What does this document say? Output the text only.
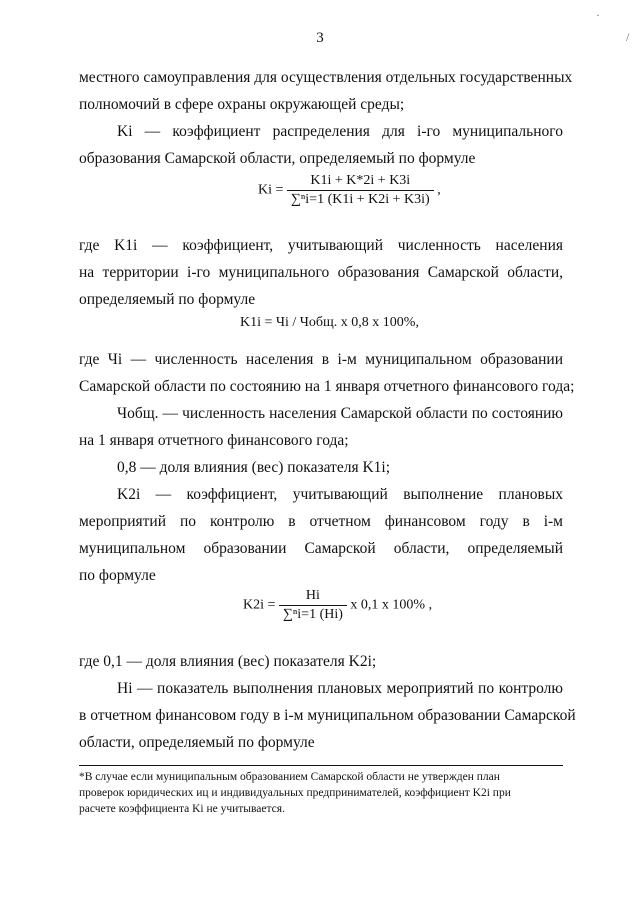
3
·
/
местного самоуправления для осуществления отдельных государственных
полномочий в сфере охраны окружающей среды;
Ki — коэффициент распределения для i-го муниципального
образования Самарской области, определяемый по формуле
$Ki = \frac{K1i + K*2i + K3i}{\text{∑ⁿi=1 (K1i + K2i + K3i)}}$ ,
где K1i — коэффициент, учитывающий численность населения
на территории i-го муниципального образования Самарской области,
определяемый по формуле
K1i = Чi / Чобщ. x 0,8 x 100%,
где Чi — численность населения в i-м муниципальном образовании
Самарской области по состоянию на 1 января отчетного финансового года;
Чобщ. — численность населения Самарской области по состоянию
на 1 января отчетного финансового года;
0,8 — доля влияния (вес) показателя K1i;
K2i — коэффициент, учитывающий выполнение плановых
мероприятий по контролю в отчетном финансовом году в i-м
муниципальном образовании Самарской области, определяемый
по формуле
$K2i = \frac{Hi}{\text{∑ⁿi=1 (Hi)}}$ x 0,1 x 100% ,
где 0,1 — доля влияния (вес) показателя K2i;
Hi — показатель выполнения плановых мероприятий по контролю
в отчетном финансовом году в i-м муниципальном образовании Самарской
области, определяемый по формуле
*В случае если муниципальным образованием Самарской области не утвержден план
проверок юридических иц и индивидуальных предпринимателей, коэффициент K2i при
расчете коэффициента Ki не учитывается.
